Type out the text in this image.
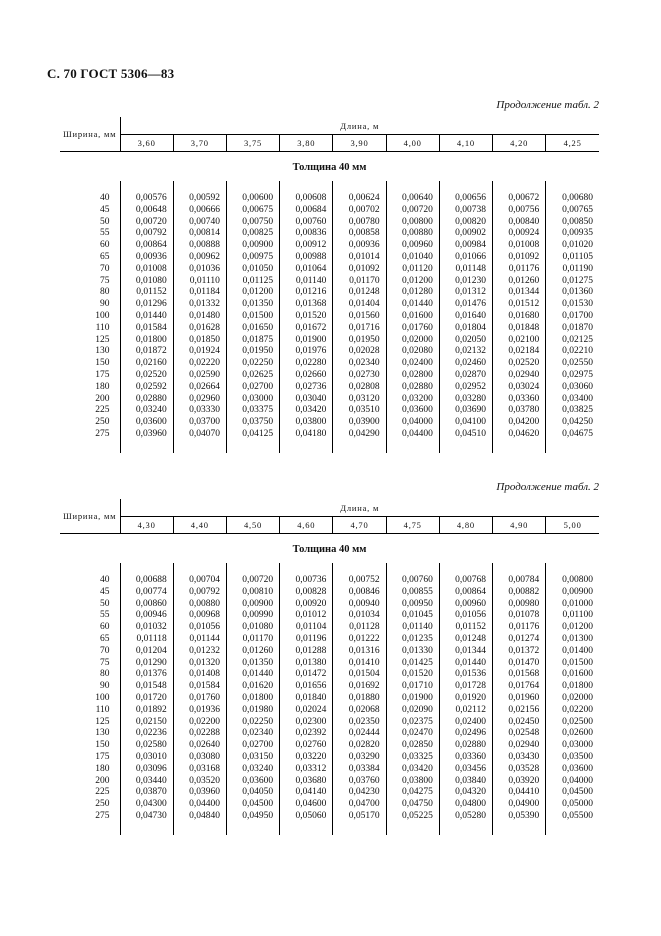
С. 70 ГОСТ 5306—83
Продолжение табл. 2
Ширина, мм	Длина, м								
	3,60	3,70	3,75	3,80	3,90	4,00	4,10	4,20	4,25
Толщина 40 мм									

40	0,00576	0,00592	0,00600	0,00608	0,00624	0,00640	0,00656	0,00672	0,00680
45	0,00648	0,00666	0,00675	0,00684	0,00702	0,00720	0,00738	0,00756	0,00765
50	0,00720	0,00740	0,00750	0,00760	0,00780	0,00800	0,00820	0,00840	0,00850
55	0,00792	0,00814	0,00825	0,00836	0,00858	0,00880	0,00902	0,00924	0,00935
60	0,00864	0,00888	0,00900	0,00912	0,00936	0,00960	0,00984	0,01008	0,01020
65	0,00936	0,00962	0,00975	0,00988	0,01014	0,01040	0,01066	0,01092	0,01105
70	0,01008	0,01036	0,01050	0,01064	0,01092	0,01120	0,01148	0,01176	0,01190
75	0,01080	0,01110	0,01125	0,01140	0,01170	0,01200	0,01230	0,01260	0,01275
80	0,01152	0,01184	0,01200	0,01216	0,01248	0,01280	0,01312	0,01344	0,01360
90	0,01296	0,01332	0,01350	0,01368	0,01404	0,01440	0,01476	0,01512	0,01530
100	0,01440	0,01480	0,01500	0,01520	0,01560	0,01600	0,01640	0,01680	0,01700
110	0,01584	0,01628	0,01650	0,01672	0,01716	0,01760	0,01804	0,01848	0,01870
125	0,01800	0,01850	0,01875	0,01900	0,01950	0,02000	0,02050	0,02100	0,02125
130	0,01872	0,01924	0,01950	0,01976	0,02028	0,02080	0,02132	0,02184	0,02210
150	0,02160	0,02220	0,02250	0,02280	0,02340	0,02400	0,02460	0,02520	0,02550
175	0,02520	0,02590	0,02625	0,02660	0,02730	0,02800	0,02870	0,02940	0,02975
180	0,02592	0,02664	0,02700	0,02736	0,02808	0,02880	0,02952	0,03024	0,03060
200	0,02880	0,02960	0,03000	0,03040	0,03120	0,03200	0,03280	0,03360	0,03400
225	0,03240	0,03330	0,03375	0,03420	0,03510	0,03600	0,03690	0,03780	0,03825
250	0,03600	0,03700	0,03750	0,03800	0,03900	0,04000	0,04100	0,04200	0,04250
275	0,03960	0,04070	0,04125	0,04180	0,04290	0,04400	0,04510	0,04620	0,04675

Продолжение табл. 2
Ширина, мм	Длина, м								
	4,30	4,40	4,50	4,60	4,70	4,75	4,80	4,90	5,00
Толщина 40 мм									

40	0,00688	0,00704	0,00720	0,00736	0,00752	0,00760	0,00768	0,00784	0,00800
45	0,00774	0,00792	0,00810	0,00828	0,00846	0,00855	0,00864	0,00882	0,00900
50	0,00860	0,00880	0,00900	0,00920	0,00940	0,00950	0,00960	0,00980	0,01000
55	0,00946	0,00968	0,00990	0,01012	0,01034	0,01045	0,01056	0,01078	0,01100
60	0,01032	0,01056	0,01080	0,01104	0,01128	0,01140	0,01152	0,01176	0,01200
65	0,01118	0,01144	0,01170	0,01196	0,01222	0,01235	0,01248	0,01274	0,01300
70	0,01204	0,01232	0,01260	0,01288	0,01316	0,01330	0,01344	0,01372	0,01400
75	0,01290	0,01320	0,01350	0,01380	0,01410	0,01425	0,01440	0,01470	0,01500
80	0,01376	0,01408	0,01440	0,01472	0,01504	0,01520	0,01536	0,01568	0,01600
90	0,01548	0,01584	0,01620	0,01656	0,01692	0,01710	0,01728	0,01764	0,01800
100	0,01720	0,01760	0,01800	0,01840	0,01880	0,01900	0,01920	0,01960	0,02000
110	0,01892	0,01936	0,01980	0,02024	0,02068	0,02090	0,02112	0,02156	0,02200
125	0,02150	0,02200	0,02250	0,02300	0,02350	0,02375	0,02400	0,02450	0,02500
130	0,02236	0,02288	0,02340	0,02392	0,02444	0,02470	0,02496	0,02548	0,02600
150	0,02580	0,02640	0,02700	0,02760	0,02820	0,02850	0,02880	0,02940	0,03000
175	0,03010	0,03080	0,03150	0,03220	0,03290	0,03325	0,03360	0,03430	0,03500
180	0,03096	0,03168	0,03240	0,03312	0,03384	0,03420	0,03456	0,03528	0,03600
200	0,03440	0,03520	0,03600	0,03680	0,03760	0,03800	0,03840	0,03920	0,04000
225	0,03870	0,03960	0,04050	0,04140	0,04230	0,04275	0,04320	0,04410	0,04500
250	0,04300	0,04400	0,04500	0,04600	0,04700	0,04750	0,04800	0,04900	0,05000
275	0,04730	0,04840	0,04950	0,05060	0,05170	0,05225	0,05280	0,05390	0,05500
